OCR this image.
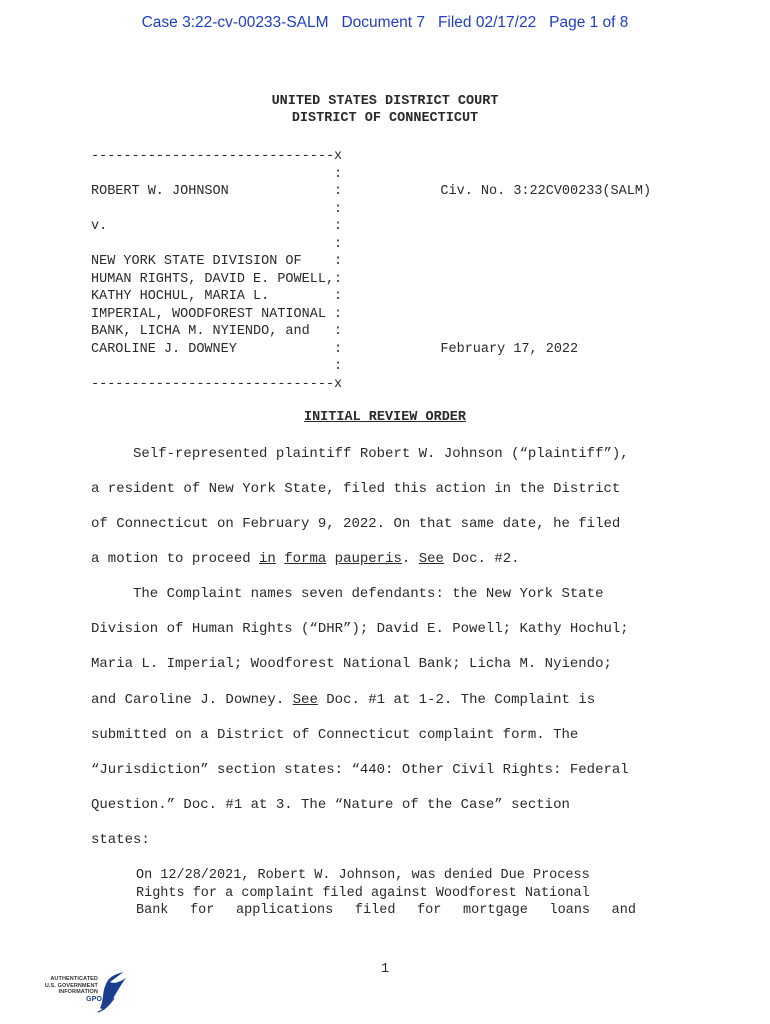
Case 3:22-cv-00233-SALM   Document 7   Filed 02/17/22   Page 1 of 8
UNITED STATES DISTRICT COURT
DISTRICT OF CONNECTICUT
------------------------------x
:
ROBERT W. JOHNSON             :
:
v.                            :
:
NEW YORK STATE DIVISION OF    :
HUMAN RIGHTS, DAVID E. POWELL,:
KATHY HOCHUL, MARIA L.        :
IMPERIAL, WOODFOREST NATIONAL :
BANK, LICHA M. NYIENDO, and   :
CAROLINE J. DOWNEY            :
:
------------------------------x
Civ. No. 3:22CV00233(SALM)
February 17, 2022
INITIAL REVIEW ORDER
Self-represented plaintiff Robert W. Johnson (“plaintiff”),
a resident of New York State, filed this action in the District
of Connecticut on February 9, 2022. On that same date, he filed
a motion to proceed in forma pauperis. See Doc. #2.
The Complaint names seven defendants: the New York State
Division of Human Rights (“DHR”); David E. Powell; Kathy Hochul;
Maria L. Imperial; Woodforest National Bank; Licha M. Nyiendo;
and Caroline J. Downey. See Doc. #1 at 1-2. The Complaint is
submitted on a District of Connecticut complaint form. The
“Jurisdiction” section states: “440: Other Civil Rights: Federal
Question.” Doc. #1 at 3. The “Nature of the Case” section
states:
On 12/28/2021, Robert W. Johnson, was denied Due Process
Rights for a complaint filed against Woodforest National
Bank for applications filed for mortgage loans and
1
AUTHENTICATED
U.S. GOVERNMENT
INFORMATION
GPO
